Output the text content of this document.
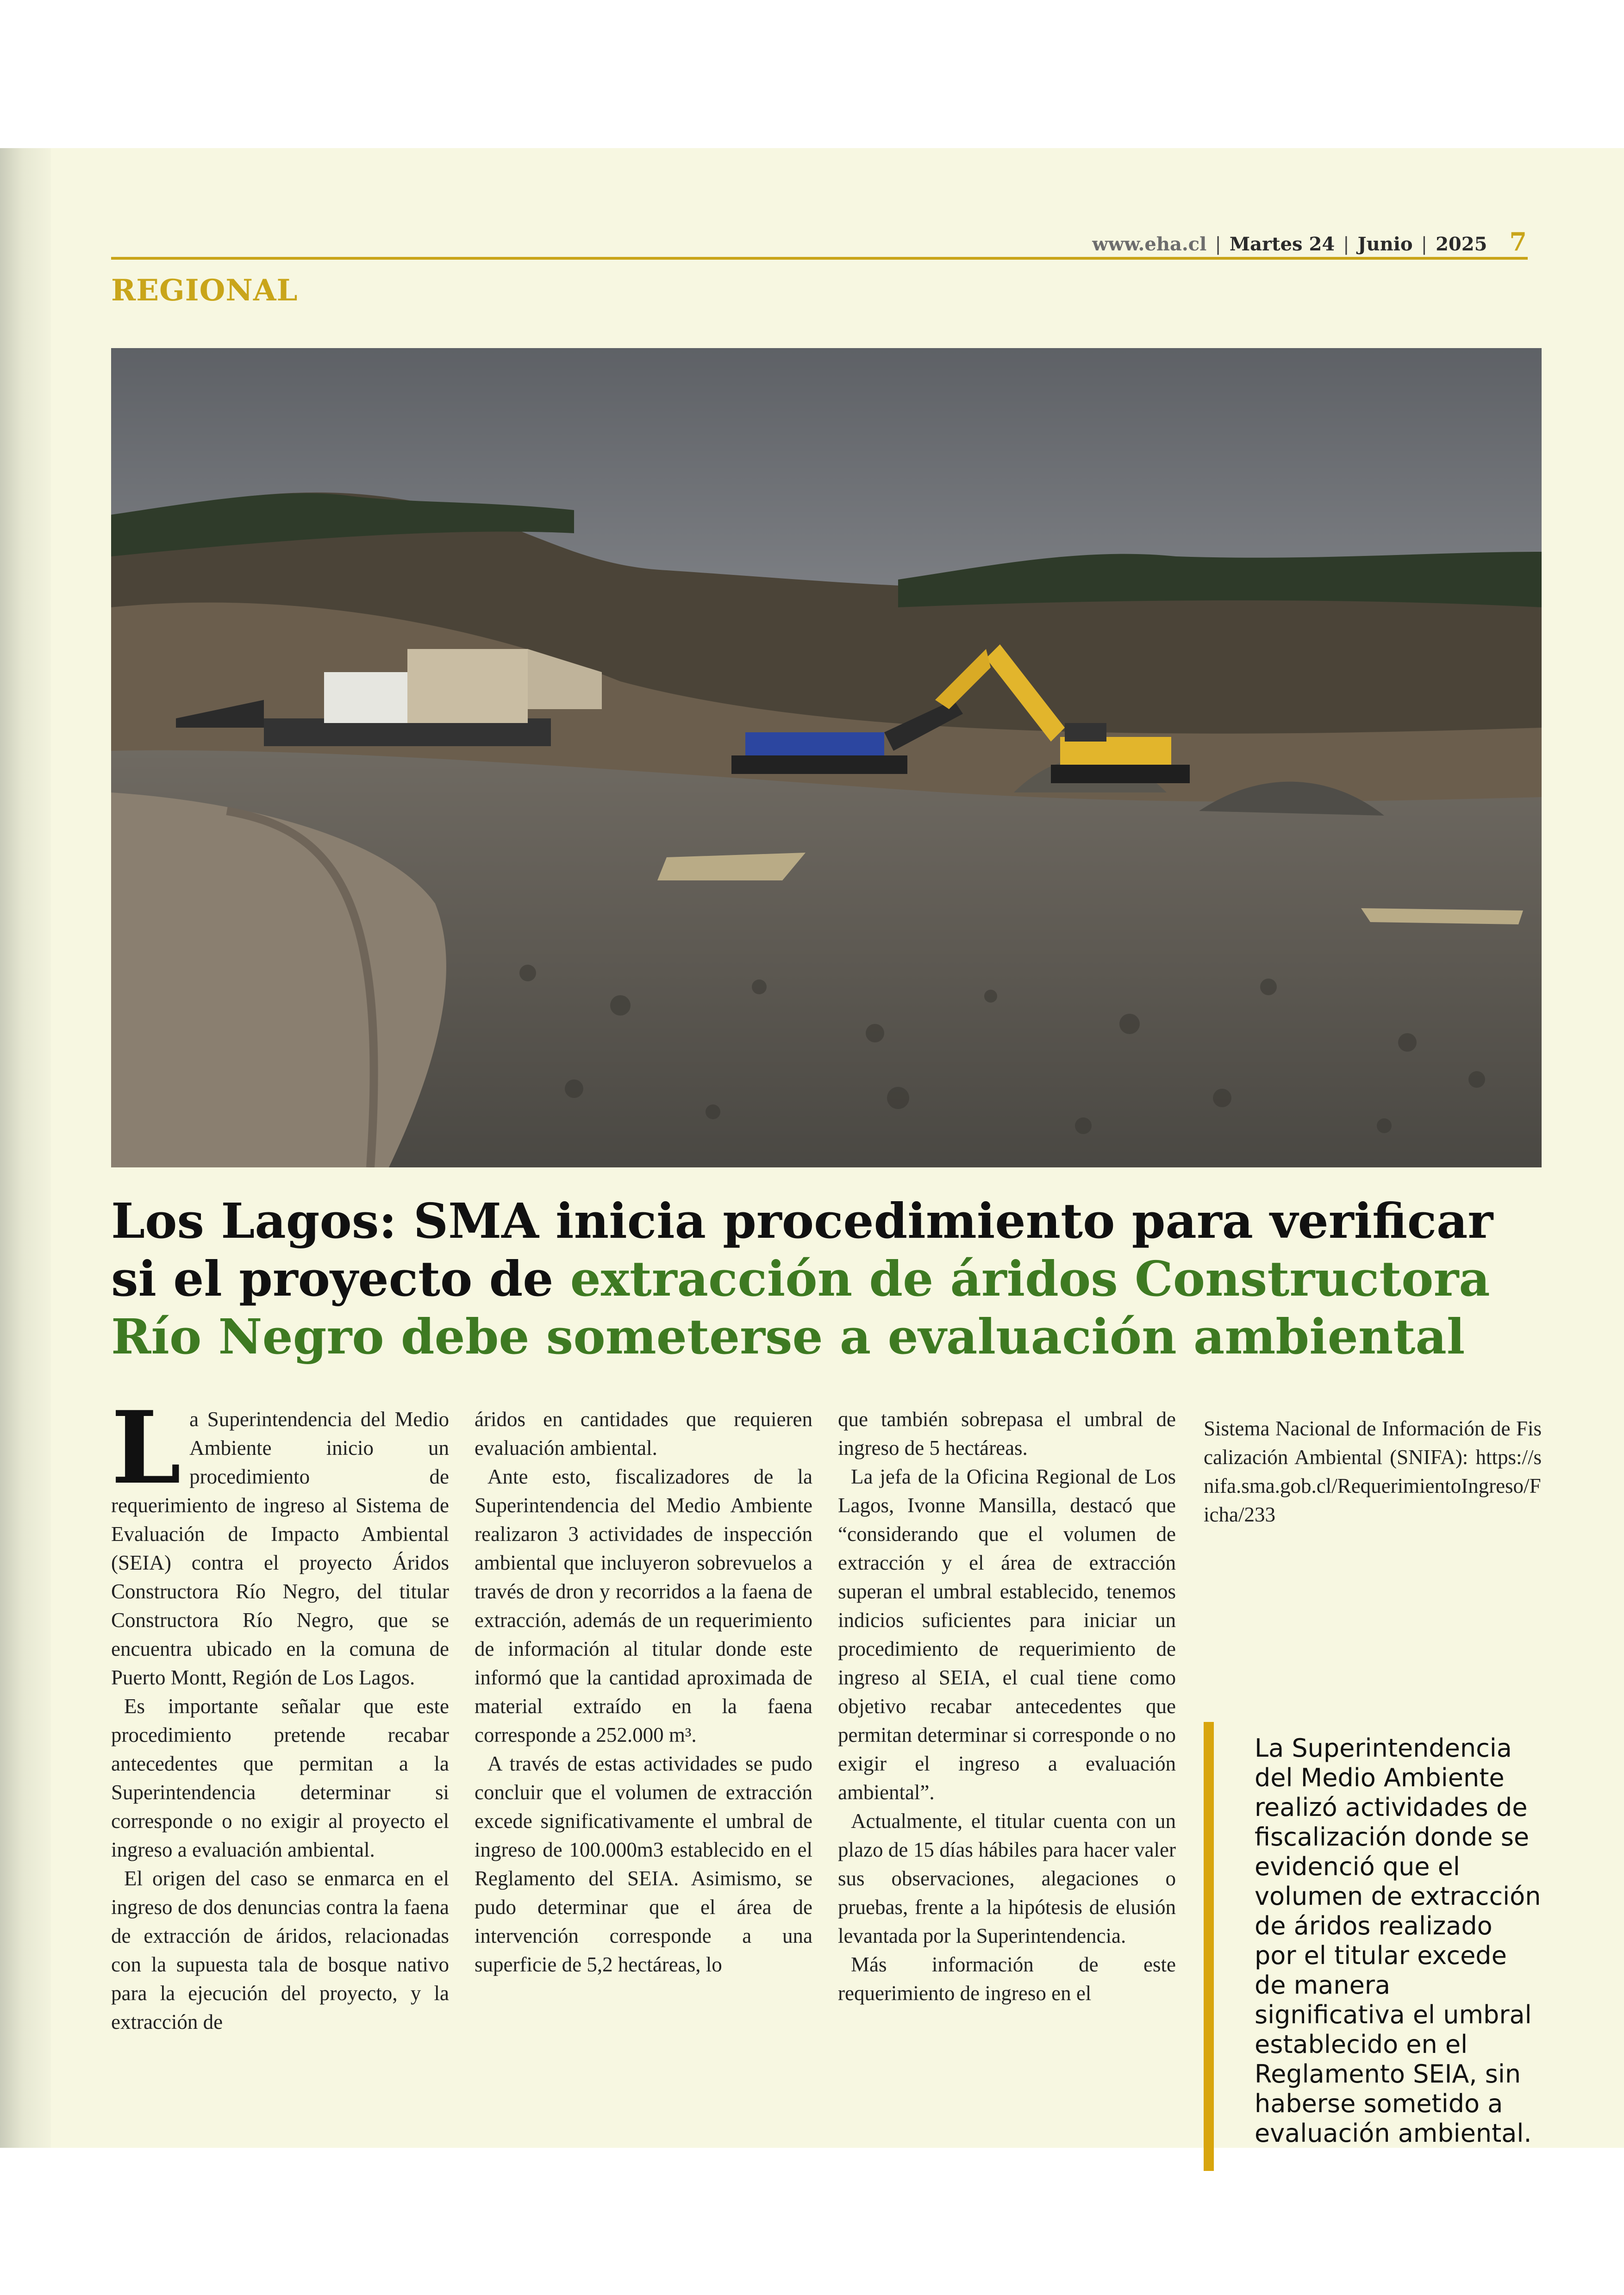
www.eha.cl | Martes 24 | Junio | 2025 7
REGIONAL
Los Lagos: SMA inicia procedimiento para verificar si el proyecto de extracción de áridos Constructora Río Negro debe someterse a evaluación ambiental

La Superintendencia del Medio Ambiente inicio un procedimiento de requerimiento de ingreso al Sistema de Evaluación de Impacto Ambiental (SEIA) contra el proyecto Áridos Constructora Río Negro, del titular Constructora Río Negro, que se encuentra ubicado en la comuna de Puerto Montt, Región de Los Lagos.

Es importante señalar que este procedimiento pretende recabar antecedentes que permitan a la Superintendencia determinar si corresponde o no exigir al proyecto el ingreso a evaluación ambiental.

El origen del caso se enmarca en el ingreso de dos denuncias contra la faena de extracción de áridos, relacionadas con la supuesta tala de bosque nativo para la ejecución del proyecto, y la extracción de

áridos en cantidades que requieren evaluación ambiental.

Ante esto, fiscalizadores de la Superintendencia del Medio Ambiente realizaron 3 actividades de inspección ambiental que incluyeron sobrevuelos a través de dron y recorridos a la faena de extracción, además de un requerimiento de información al titular donde este informó que la cantidad aproximada de material extraído en la faena corresponde a 252.000 m³.

A través de estas actividades se pudo concluir que el volumen de extracción excede significativamente el umbral de ingreso de 100.000m3 establecido en el Reglamento del SEIA. Asimismo, se pudo determinar que el área de intervención corresponde a una superficie de 5,2 hectáreas, lo

que también sobrepasa el umbral de ingreso de 5 hectáreas.

La jefa de la Oficina Regional de Los Lagos, Ivonne Mansilla, destacó que “considerando que el volumen de extracción y el área de extracción superan el umbral establecido, tenemos indicios suficientes para iniciar un procedimiento de requerimiento de ingreso al SEIA, el cual tiene como objetivo recabar antecedentes que permitan determinar si corresponde o no exigir el ingreso a evaluación ambiental”.

Actualmente, el titular cuenta con un plazo de 15 días hábiles para hacer valer sus observaciones, alegaciones o pruebas, frente a la hipótesis de elusión levantada por la Superintendencia.

Más información de este requerimiento de ingreso en el

Sistema Nacional de Información de Fiscalización Ambiental (SNIFA): https://snifa.sma.gob.cl/RequerimientoIngreso/Ficha/233

La Superintendencia del Medio Ambiente realizó actividades de fiscalización donde se evidenció que el volumen de extracción de áridos realizado por el titular excede de manera significativa el umbral establecido en el Reglamento SEIA, sin haberse sometido a evaluación ambiental.
